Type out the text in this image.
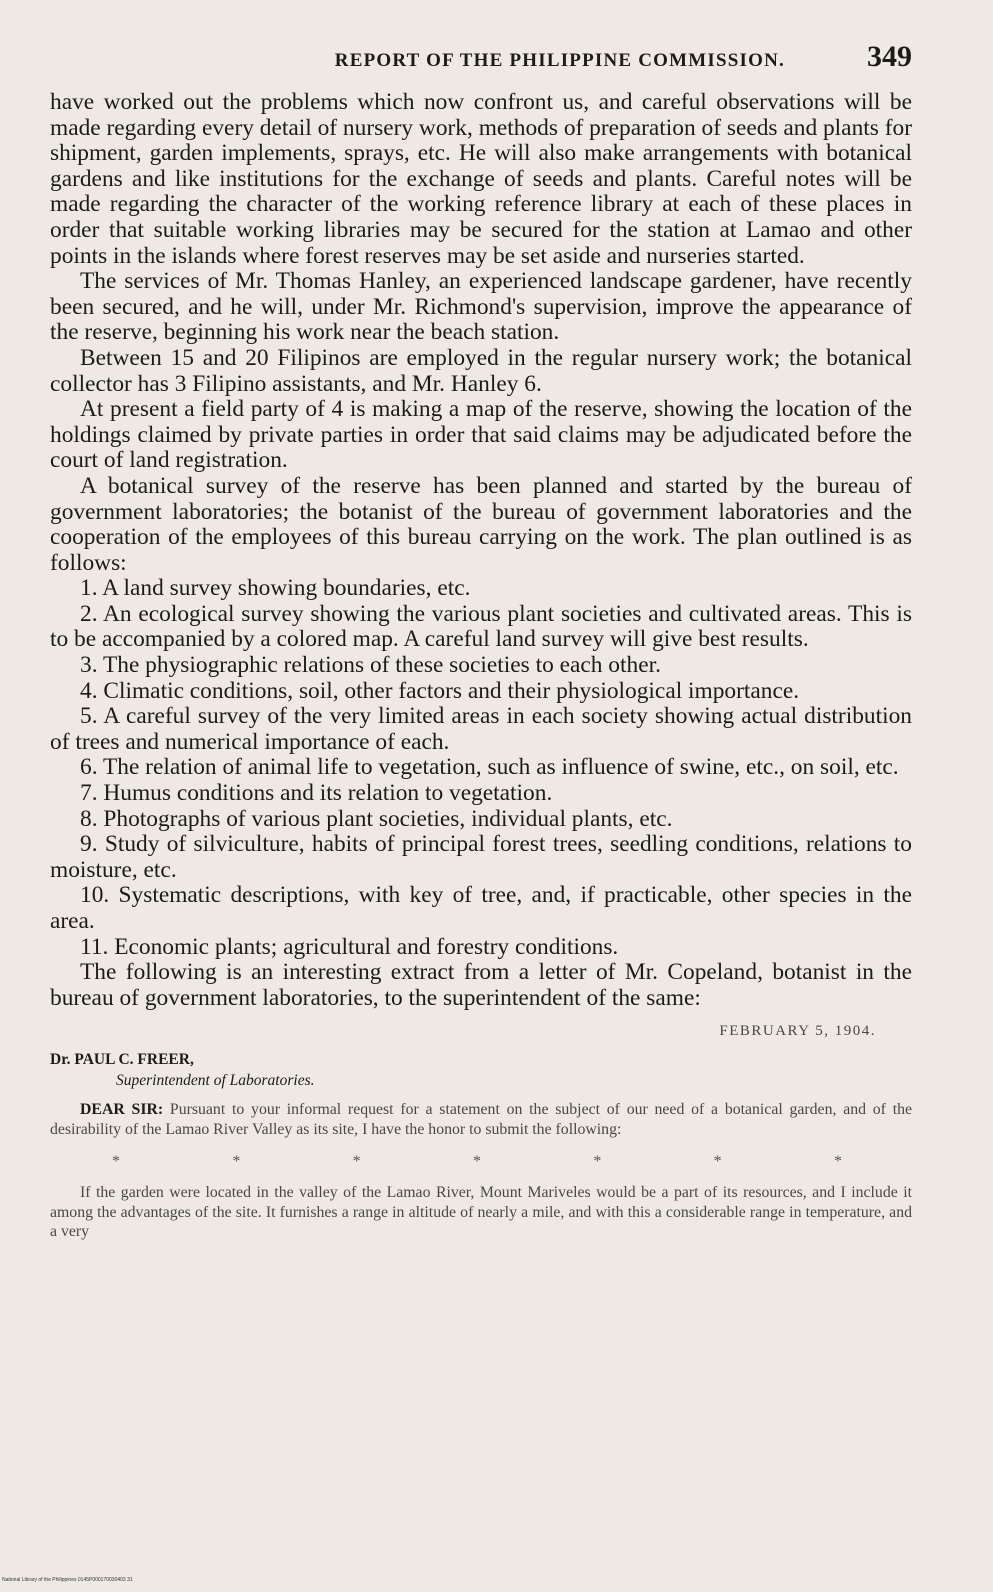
REPORT OF THE PHILIPPINE COMMISSION.	349

have worked out the problems which now confront us, and careful observations will be made regarding every detail of nursery work, methods of preparation of seeds and plants for shipment, garden implements, sprays, etc. He will also make arrangements with botanical gardens and like institutions for the exchange of seeds and plants. Careful notes will be made regarding the character of the working reference library at each of these places in order that suitable working libraries may be secured for the station at Lamao and other points in the islands where forest reserves may be set aside and nurseries started.

The services of Mr. Thomas Hanley, an experienced landscape gardener, have recently been secured, and he will, under Mr. Richmond's supervision, improve the appearance of the reserve, beginning his work near the beach station.

Between 15 and 20 Filipinos are employed in the regular nursery work; the botanical collector has 3 Filipino assistants, and Mr. Hanley 6.

At present a field party of 4 is making a map of the reserve, showing the location of the holdings claimed by private parties in order that said claims may be adjudicated before the court of land registration.

A botanical survey of the reserve has been planned and started by the bureau of government laboratories; the botanist of the bureau of government laboratories and the cooperation of the employees of this bureau carrying on the work. The plan outlined is as follows:

1. A land survey showing boundaries, etc.

2. An ecological survey showing the various plant societies and cultivated areas. This is to be accompanied by a colored map. A careful land survey will give best results.

3. The physiographic relations of these societies to each other.

4. Climatic conditions, soil, other factors and their physiological importance.

5. A careful survey of the very limited areas in each society showing actual distribution of trees and numerical importance of each.

6. The relation of animal life to vegetation, such as influence of swine, etc., on soil, etc.

7. Humus conditions and its relation to vegetation.

8. Photographs of various plant societies, individual plants, etc.

9. Study of silviculture, habits of principal forest trees, seedling conditions, relations to moisture, etc.

10. Systematic descriptions, with key of tree, and, if practicable, other species in the area.

11. Economic plants; agricultural and forestry conditions.

The following is an interesting extract from a letter of Mr. Copeland, botanist in the bureau of government laboratories, to the superintendent of the same:

FEBRUARY 5, 1904.
Dr. PAUL C. FREER,
Superintendent of Laboratories.

DEAR SIR: Pursuant to your informal request for a statement on the subject of our need of a botanical garden, and of the desirability of the Lamao River Valley as its site, I have the honor to submit the following:

*	*	*	*	*	*	*

If the garden were located in the valley of the Lamao River, Mount Mariveles would be a part of its resources, and I include it among the advantages of the site. It furnishes a range in altitude of nearly a mile, and with this a considerable range in temperature, and a very

National Library of the Philippines 0145P000170030403 31
